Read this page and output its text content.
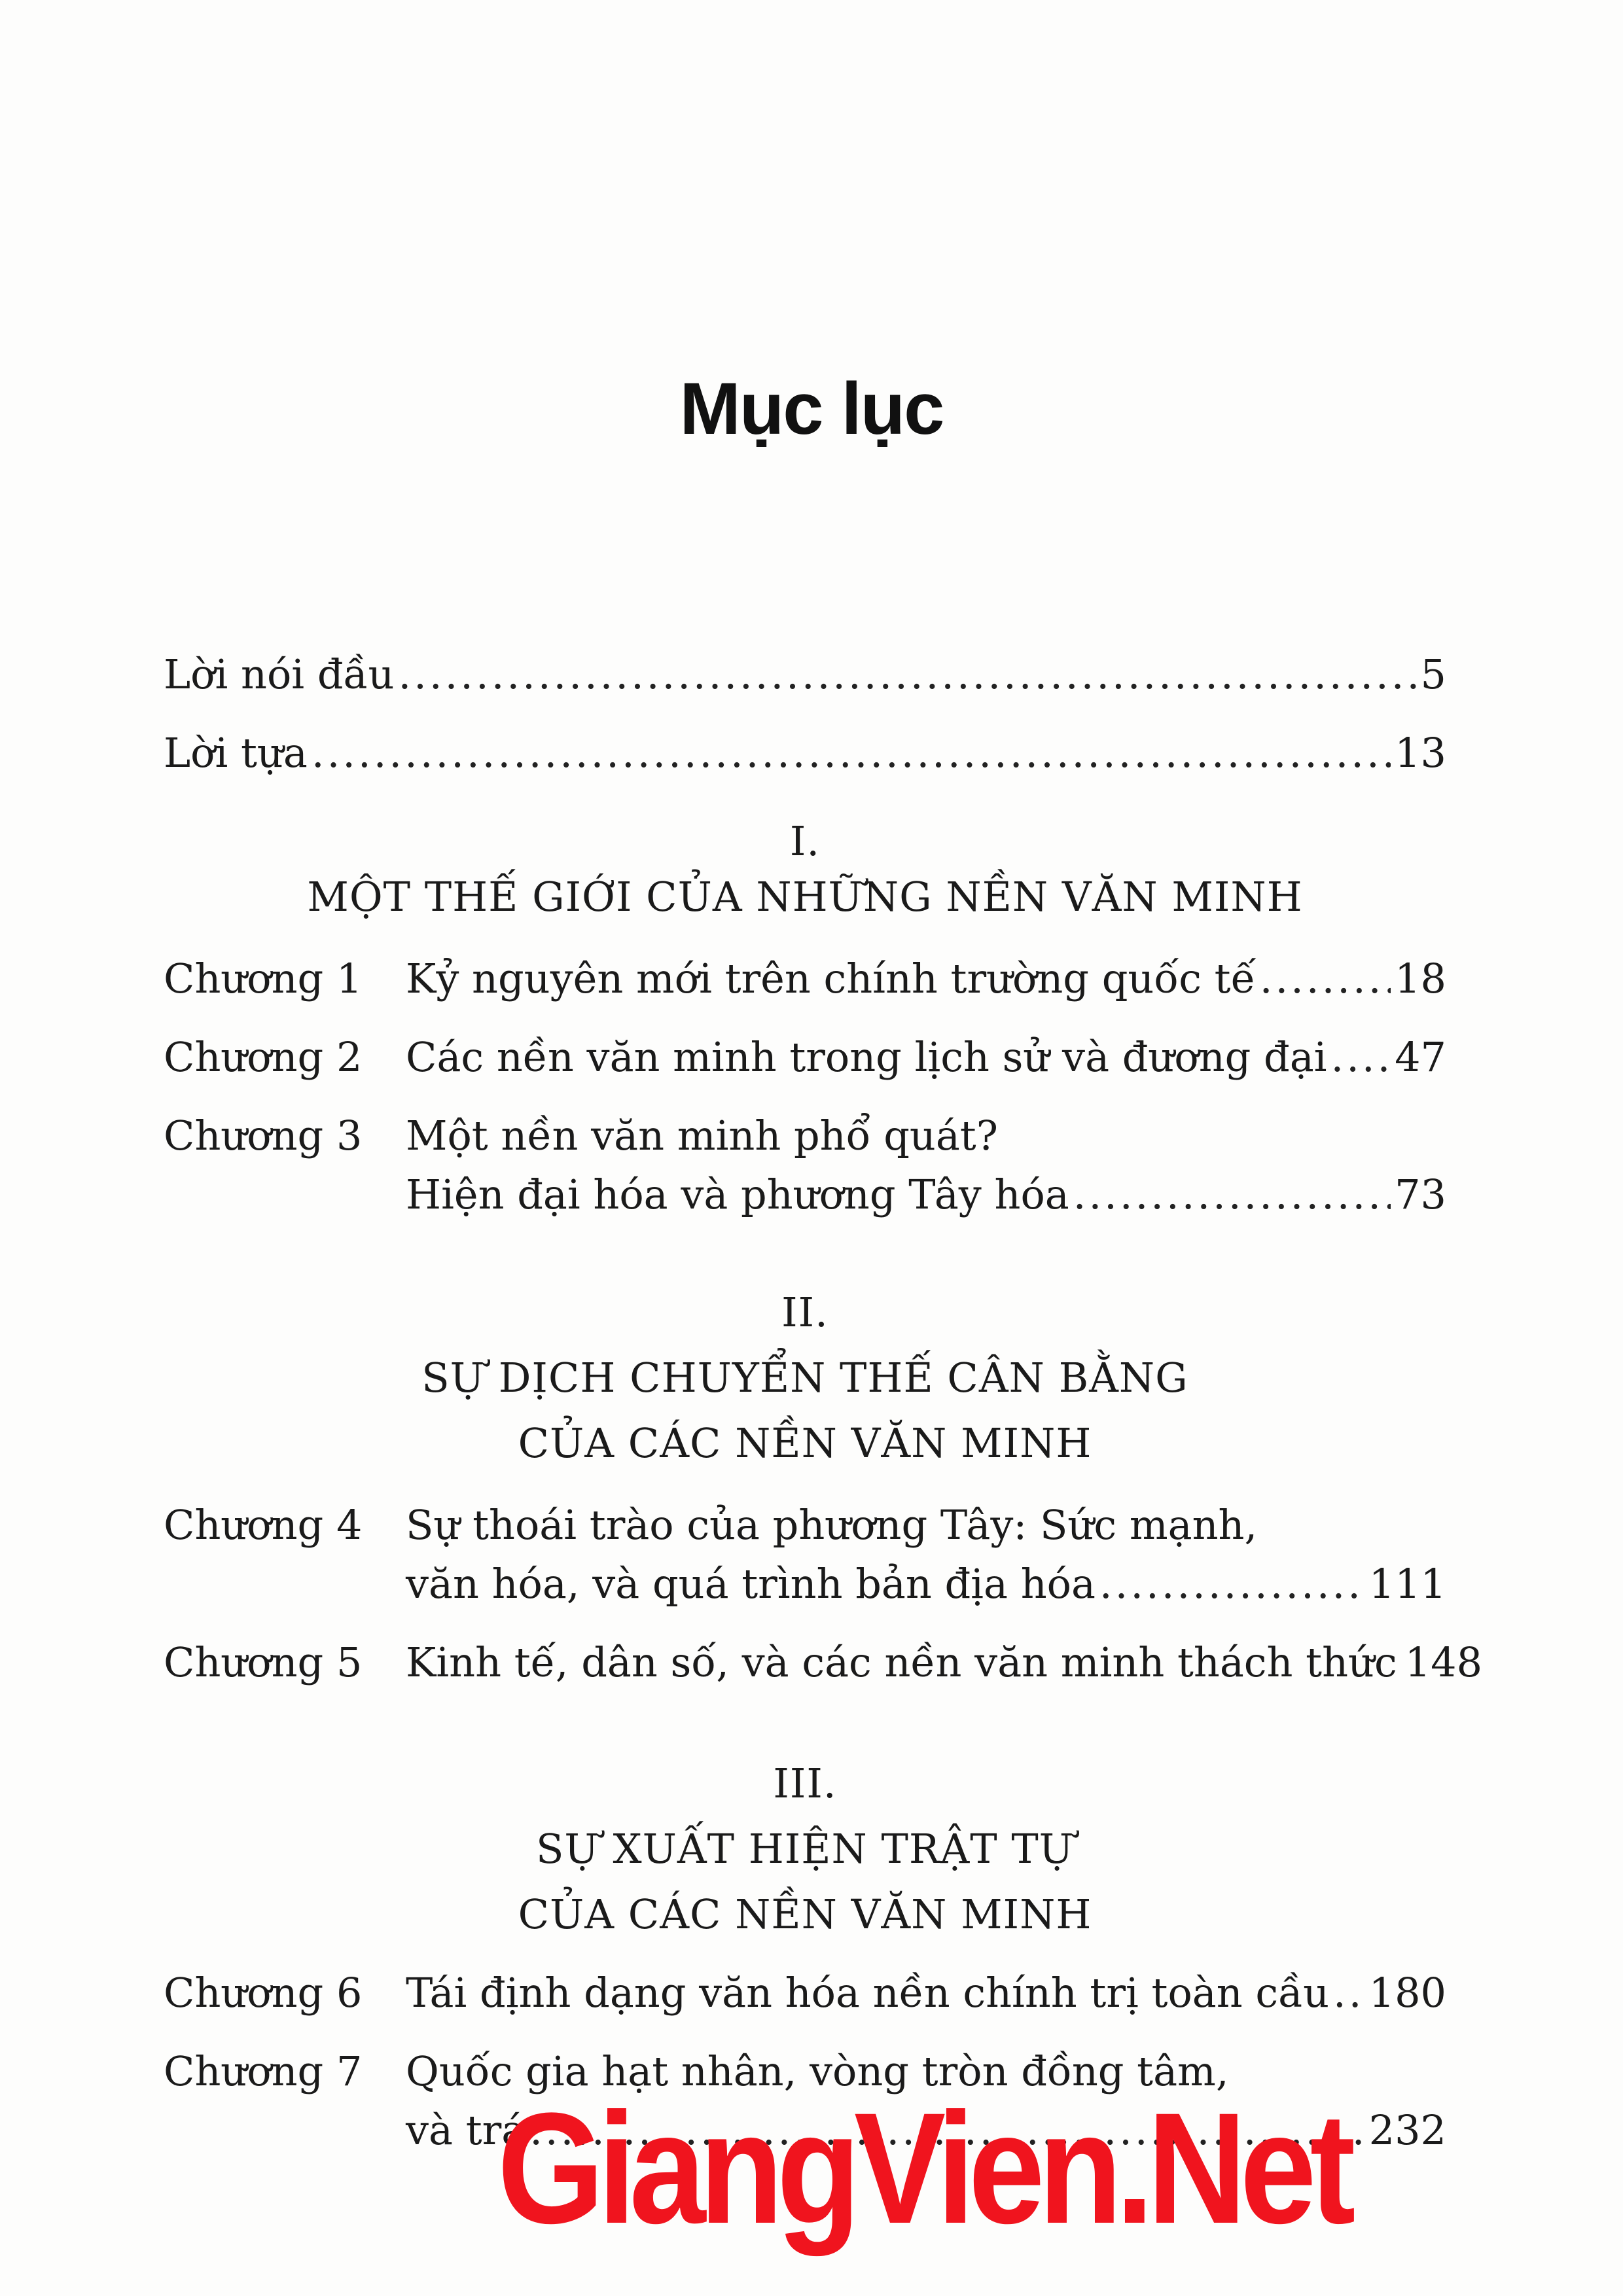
Mục lục
Lời nói đầu .....	5
Lời tựa .....	13
I.
MỘT THẾ GIỚI CỦA NHỮNG NỀN VĂN MINH
Chương 1	Kỷ nguyên mới trên chính trường quốc tế .....	18
Chương 2	Các nền văn minh trong lịch sử và đương đại ..... 47
Chương 3	Một nền văn minh phổ quát?
Hiện đại hóa và phương Tây hóa .....	73
II.
SỰ DỊCH CHUYỂN THẾ CÂN BẰNG
CỦA CÁC NỀN VĂN MINH
Chương 4	Sự thoái trào của phương Tây: Sức mạnh,
văn hóa, và quá trình bản địa hóa .....	111
Chương 5	Kinh tế, dân số, và các nền văn minh thách thức 148
III.
SỰ XUẤT HIỆN TRẬT TỰ
CỦA CÁC NỀN VĂN MINH
Chương 6	Tái định dạng văn hóa nền chính trị toàn cầu ..... 180
Chương 7	Quốc gia hạt nhân, vòng tròn đồng tâm,
và trá .....	232
GiangVien.Net
